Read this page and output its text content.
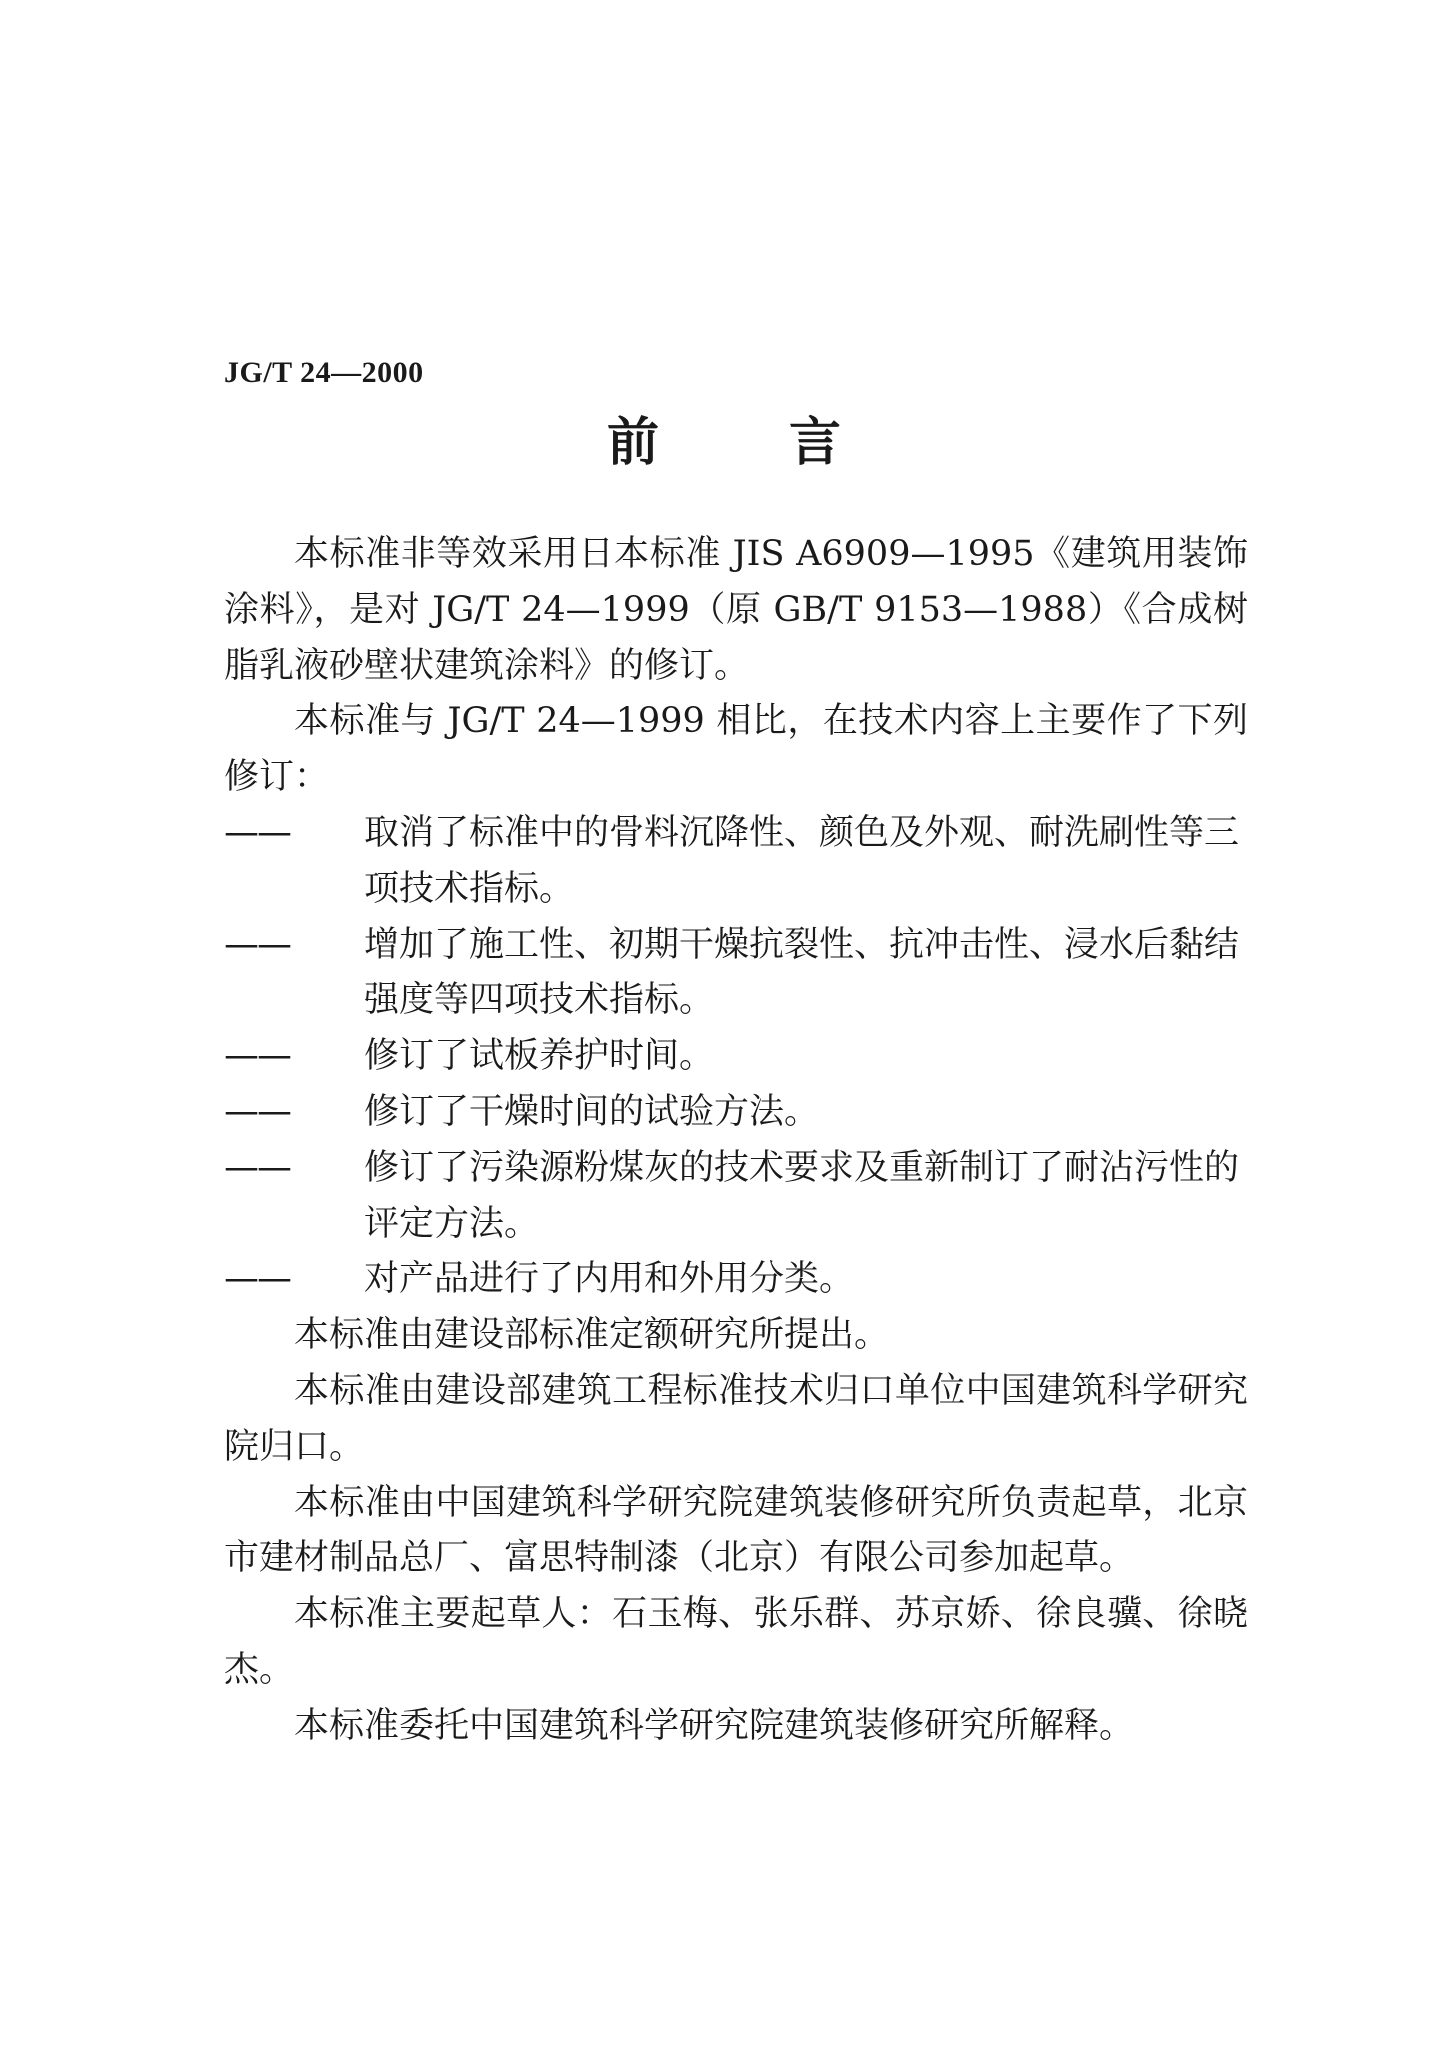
JG/T 24—2000
前	言

本标准非等效采用日本标准 JIS A6909—1995《建筑用装饰涂料》，是对 JG/T 24—1999（原 GB/T 9153—1988）《合成树脂乳液砂壁状建筑涂料》的修订。

本标准与 JG/T 24—1999 相比，在技术内容上主要作了下列修订：

—— 取消了标准中的骨料沉降性、颜色及外观、耐洗刷性等三项技术指标。

—— 增加了施工性、初期干燥抗裂性、抗冲击性、浸水后黏结强度等四项技术指标。

—— 修订了试板养护时间。

—— 修订了干燥时间的试验方法。

—— 修订了污染源粉煤灰的技术要求及重新制订了耐沾污性的评定方法。

—— 对产品进行了内用和外用分类。

本标准由建设部标准定额研究所提出。

本标准由建设部建筑工程标准技术归口单位中国建筑科学研究院归口。

本标准由中国建筑科学研究院建筑装修研究所负责起草，北京市建材制品总厂、富思特制漆（北京）有限公司参加起草。

本标准主要起草人：石玉梅、张乐群、苏京娇、徐良骥、徐晓杰。

本标准委托中国建筑科学研究院建筑装修研究所解释。
